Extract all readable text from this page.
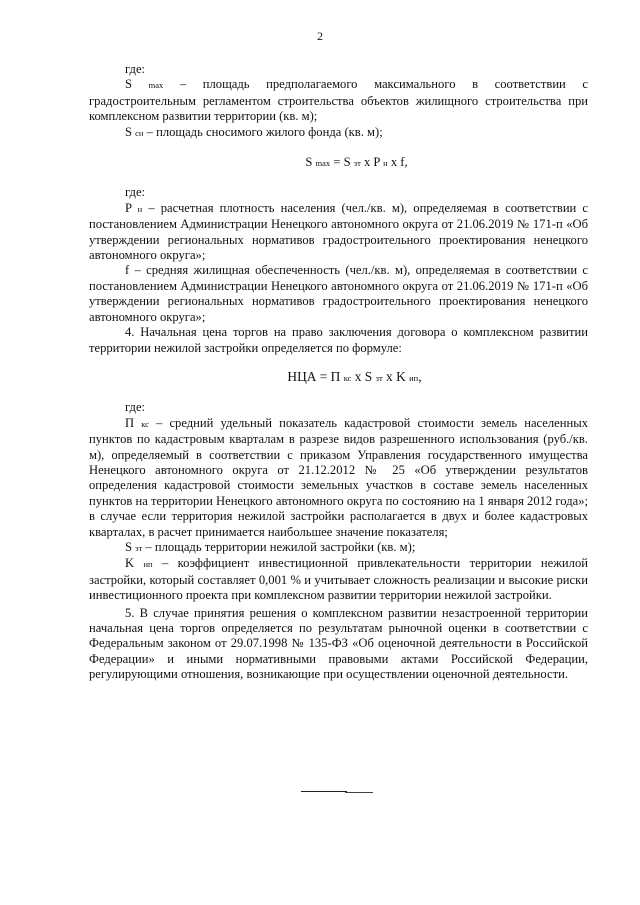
2

где:

S max – площадь предполагаемого максимального в соответствии с градостроительным регламентом строительства объектов жилищного строительства при комплексном развитии территории (кв. м);

S сн – площадь сносимого жилого фонда (кв. м);

S max = S зт x P н x f,

где:

P н – расчетная плотность населения (чел./кв. м), определяемая в соответствии с постановлением Администрации Ненецкого автономного округа от 21.06.2019 № 171-п «Об утверждении региональных нормативов градостроительного проектирования ненецкого автономного округа»;

f – средняя жилищная обеспеченность (чел./кв. м), определяемая в соответствии с постановлением Администрации Ненецкого автономного округа от 21.06.2019 № 171-п «Об утверждении региональных нормативов градостроительного проектирования ненецкого автономного округа»;

4. Начальная цена торгов на право заключения договора о комплексном развитии территории нежилой застройки определяется по формуле:

НЦА = П кс x S зт x K ип,

где:

П кс – средний удельный показатель кадастровой стоимости земель населенных пунктов по кадастровым кварталам в разрезе видов разрешенного использования (руб./кв. м), определяемый в соответствии с приказом Управления государственного имущества Ненецкого автономного округа от 21.12.2012 № 25 «Об утверждении результатов определения кадастровой стоимости земельных участков в составе земель населенных пунктов на территории Ненецкого автономного округа по состоянию на 1 января 2012 года»; в случае если территория нежилой застройки располагается в двух и более кадастровых кварталах, в расчет принимается наибольшее значение показателя;

S зт – площадь территории нежилой застройки (кв. м);

K ип – коэффициент инвестиционной привлекательности территории нежилой застройки, который составляет 0,001 % и учитывает сложность реализации и высокие риски инвестиционного проекта при комплексном развитии территории нежилой застройки.

5. В случае принятия решения о комплексном развитии незастроенной территории начальная цена торгов определяется по результатам рыночной оценки в соответствии с Федеральным законом от 29.07.1998 № 135-ФЗ «Об оценочной деятельности в Российской Федерации» и иными нормативными правовыми актами Российской Федерации, регулирующими отношения, возникающие при осуществлении оценочной деятельности.
